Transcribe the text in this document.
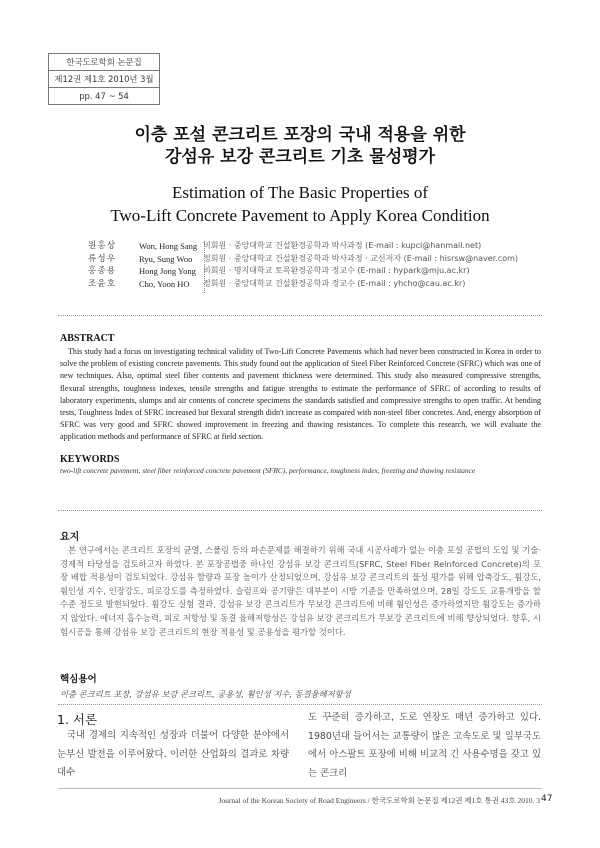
한국도로학회 논문집
제12권 제1호 2010년 3월
pp. 47 ~ 54
이층 포설 콘크리트 포장의 국내 적용을 위한
강섬유 보강 콘크리트 기초 물성평가
Estimation of The Basic Properties of
Two-Lift Concrete Pavement to Apply Korea Condition
원홍상	Won, Hong Sang 비회원 · 중앙대학교 건설환경공학과 박사과정 (E-mail : kupcl@hanmail.net)
류성우	Ryu, Sung Woo 정회원 · 중앙대학교 건설환경공학과 박사과정 · 교신저자 (E-mail : hisrsw@naver.com)
홍종용	Hong Jong Yong 비회원 · 명지대학교 토목환경공학과 정교수 (E-mail : hypark@mju.ac.kr)
조윤호	Cho, Yoon HO 정회원 · 중앙대학교 건설환경공학과 정교수 (E-mail : yhcho@cau.ac.kr)
ABSTRACT

This study had a focus on investigating technical validity of Two-Lift Concrete Pavements which had never been constructed in Korea in order to solve the problem of existing concrete pavements. This study found out the application of Steel Fiber Reinforced Concrete (SFRC) which was one of new techniques. Also, optimal steel fiber contents and pavement thickness were determined. This study also measured compressive strengths, flexural strengths, toughness indexes, tensile strengths and fatigue strengths to estimate the performance of SFRC of according to results of laboratory experiments, slumps and air contents of concrete specimens the standards satisfied and compressive strengths to open traffic. At bending tests, Toughness Index of SFRC increased but flexural strength didn't increase as compared with non-steel fiber concretes. And, energy absorption of SFRC was very good and SFRC showed improvement in freezing and thawing resistances. To complete this research, we will evaluate the application methods and performance of SFRC at field section.

KEYWORDS
two-lift concrete pavement, steel fiber reinforced concrete pavement (SFRC), performance, toughness index, freezing and thawing resistance
요지

본 연구에서는 콘크리트 포장의 균열, 스폴링 등의 파손문제를 해결하기 위해 국내 시공사례가 없는 이층 포설 공법의 도입 및 기술·경제적 타당성을 검토하고자 하였다. 본 포장공법중 하나인 강섬유 보강 콘크리트(SFRC, Steel Fiber Reinforced Concrete)의 포장 배합 적용성이 검토되었다. 강섬유 함량과 포장 높이가 산정되었으며, 강섬유 보강 콘크리트의 물성 평가를 위해 압축강도, 휨강도, 휨인성 지수, 인장강도, 피로강도를 측정하였다. 슬럼프와 공기량은 대부분이 시방 기준을 만족하였으며, 28일 강도도 교통개방을 할 수준 정도로 발현되었다. 휨강도 실험 결과, 강섬유 보강 콘크리트가 무보강 콘크리트에 비해 휨인성은 증가하였지만 휨강도는 증가하지 않았다. 에너지 흡수능력, 피로 저항성 및 동결 융해저항성은 강섬유 보강 콘크리트가 무보강 콘크리트에 비해 향상되었다. 향후, 시험시공을 통해 강섬유 보강 콘크리트의 현장 적용성 및 공용성을 평가할 것이다.

핵심용어
이층 콘크리트 포장, 강섬유 보강 콘크리트, 공용성, 휨인성 지수, 동결융해저항성
1. 서론

국내 경제의 지속적인 성장과 더불어 다양한 분야에서 눈부신 발전을 이루어왔다. 이러한 산업화의 결과로 차량 대수

도 꾸준히 증가하고, 도로 연장도 매년 증가하고 있다. 1980년대 들어서는 교통량이 많은 고속도로 및 일부국도에서 아스팔트 포장에 비해 비교적 긴 사용수명을 갖고 있는 콘크리

Journal of the Korean Society of Road Engineers / 한국도로학회 논문집 제12권 제1호 통권 43호 2010. 3 47
